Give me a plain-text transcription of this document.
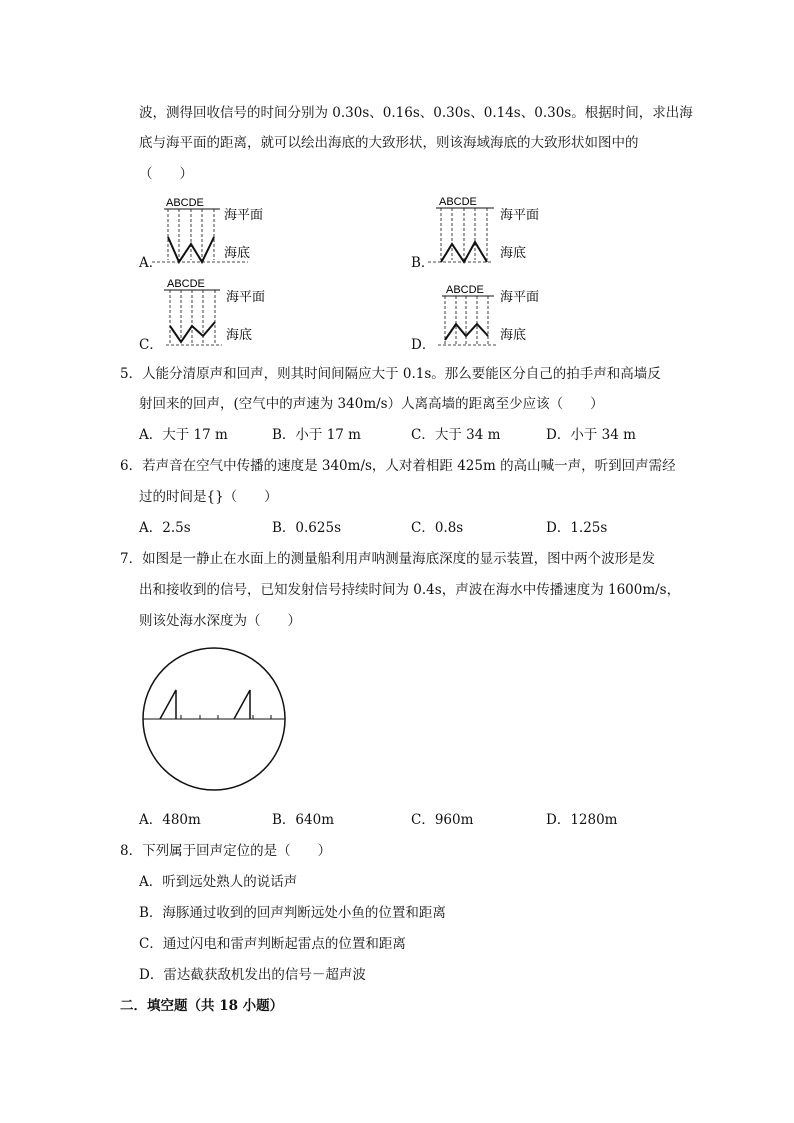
波，测得回收信号的时间分别为 0.30s、0.16s、0.30s、0.14s、0.30s。根据时间，求出海
底与海平面的距离，就可以绘出海底的大致形状，则该海域海底的大致形状如图中的
（　　）
A．
ABCDE
海平面
海底
B．
ABCDE
海平面
海底
C．
ABCDE
海平面
海底
D．
ABCDE 海平面
海底
5．人能分清原声和回声，则其时间间隔应大于 0.1s。那么要能区分自己的拍手声和高墙反
射回来的回声，(空气中的声速为 340m/s）人离高墙的距离至少应该（　　）
A．大于 17 m	B．小于 17 m	C．大于 34 m	D．小于 34 m
6．若声音在空气中传播的速度是 340m/s，人对着相距 425m 的高山喊一声，听到回声需经
过的时间是{}（　　）
A．2.5s	B．0.625s	C．0.8s	D．1.25s
7．如图是一静止在水面上的测量船利用声呐测量海底深度的显示装置，图中两个波形是发
出和接收到的信号，已知发射信号持续时间为 0.4s，声波在海水中传播速度为 1600m/s，
则该处海水深度为（　　）
A．480m	B．640m	C．960m	D．1280m
8．下列属于回声定位的是（　　）
A．听到远处熟人的说话声
B．海豚通过收到的回声判断远处小鱼的位置和距离
C．通过闪电和雷声判断起雷点的位置和距离
D．雷达截获敌机发出的信号－超声波
二．填空题（共 18 小题）
